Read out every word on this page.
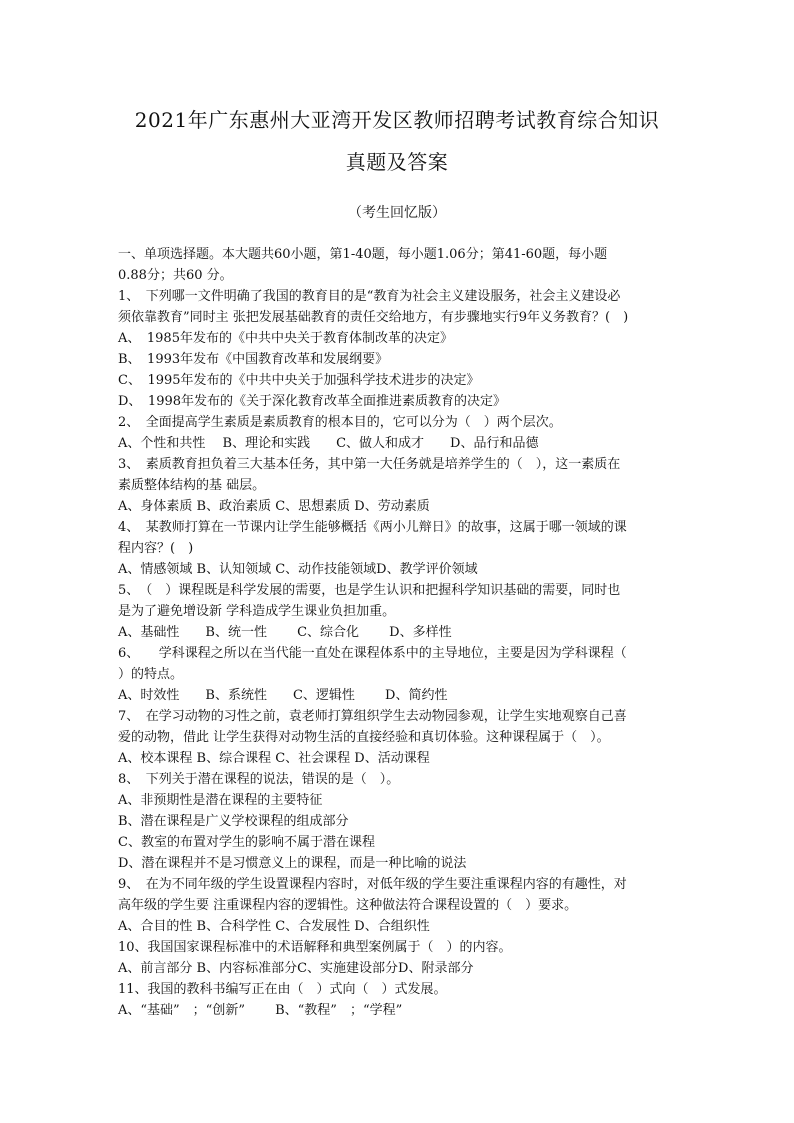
2021年广东惠州大亚湾开发区教师招聘考试教育综合知识
真题及答案
（考生回忆版）
一、单项选择题。本大题共60小题，第1-40题，每小题1.06分；第41-60题，每小题
0.88分；共60 分。
1、　下列哪一文件明确了我国的教育目的是“教育为社会主义建设服务，社会主义建设必
须依靠教育”同时主 张把发展基础教育的责任交给地方，有步骤地实行9年义务教育？(　)
A、　1985年发布的《中共中央关于教育体制改革的决定》
B、　1993年发布《中国教育改革和发展纲要》
C、　1995年发布的《中共中央关于加强科学技术进步的决定》
D、　1998年发布的《关于深化教育改革全面推进素质教育的决定》
2、　全面提高学生素质是素质教育的根本目的，它可以分为（　）两个层次。
A、个性和共性　 B、理论和实践　　C、做人和成才　　D、品行和品德
3、　素质教育担负着三大基本任务，其中第一大任务就是培养学生的（　），这一素质在
素质整体结构的基 础层。
A、身体素质 B、政治素质 C、思想素质 D、劳动素质
4、　某教师打算在一节课内让学生能够概括《两小儿辩日》的故事，这属于哪一领域的课
程内容？(　)
A、情感领域 B、认知领域 C、动作技能领域D、教学评价领域
5、　（　）课程既是科学发展的需要，也是学生认识和把握科学知识基础的需要，同时也
是为了避免增设新 学科造成学生课业负担加重。
A、基础性　　B、统一性　　 C、综合化　　 D、多样性
6、　　学科课程之所以在当代能一直处在课程体系中的主导地位，主要是因为学科课程（
）的特点。
A、时效性　　B、系统性　　C、逻辑性　　 D、简约性
7、　在学习动物的习性之前，袁老师打算组织学生去动物园参观，让学生实地观察自己喜
爱的动物，借此 让学生获得对动物生活的直接经验和真切体验。这种课程属于（　）。
A、校本课程 B、综合课程 C、社会课程 D、活动课程
8、　下列关于潜在课程的说法，错误的是（　）。
A、非预期性是潜在课程的主要特征
B、潜在课程是广义学校课程的组成部分
C、教室的布置对学生的影响不属于潜在课程
D、潜在课程并不是习惯意义上的课程，而是一种比喻的说法
9、　在为不同年级的学生设置课程内容时，对低年级的学生要注重课程内容的有趣性，对
高年级的学生要 注重课程内容的逻辑性。这种做法符合课程设置的（　）要求。
A、合目的性 B、合科学性 C、合发展性 D、合组织性
10、我国国家课程标准中的术语解释和典型案例属于（　）的内容。
A、前言部分 B、内容标准部分C、实施建设部分D、附录部分
11、我国的教科书编写正在由（　）式向（　）式发展。
A、“基础”　；“创新”　　 B、“教程”　；“学程”
